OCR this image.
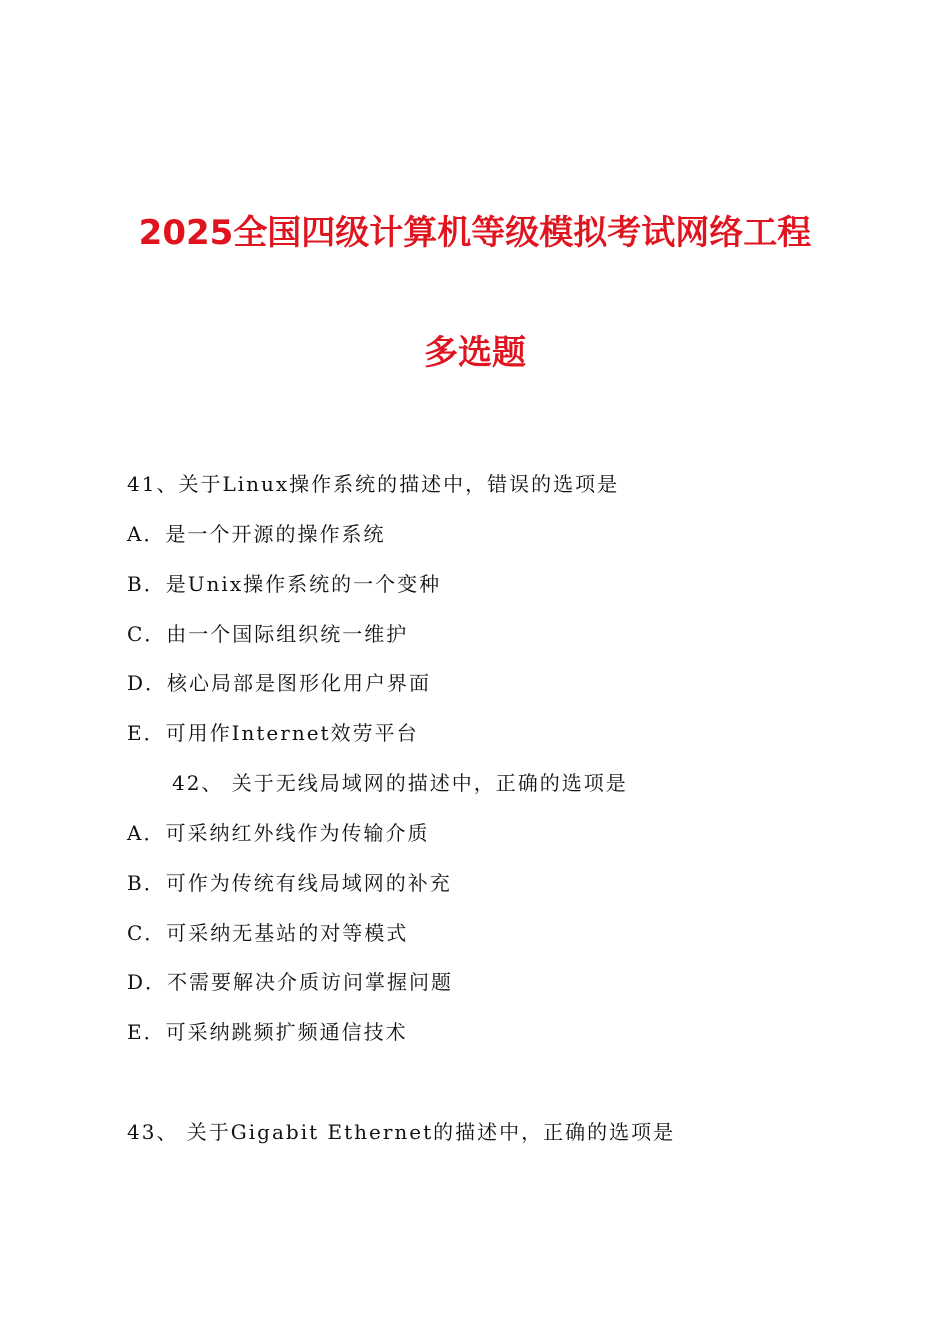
2025全国四级计算机等级模拟考试网络工程
多选题

41、关于Linux操作系统的描述中，错误的选项是

A．是一个开源的操作系统

B．是Unix操作系统的一个变种

C．由一个国际组织统一维护

D．核心局部是图形化用户界面

E．可用作Internet效劳平台

42、 关于无线局域网的描述中，正确的选项是

A．可采纳红外线作为传输介质

B．可作为传统有线局域网的补充

C．可采纳无基站的对等模式

D．不需要解决介质访问掌握问题

E．可采纳跳频扩频通信技术

43、 关于Gigabit Ethernet的描述中，正确的选项是
